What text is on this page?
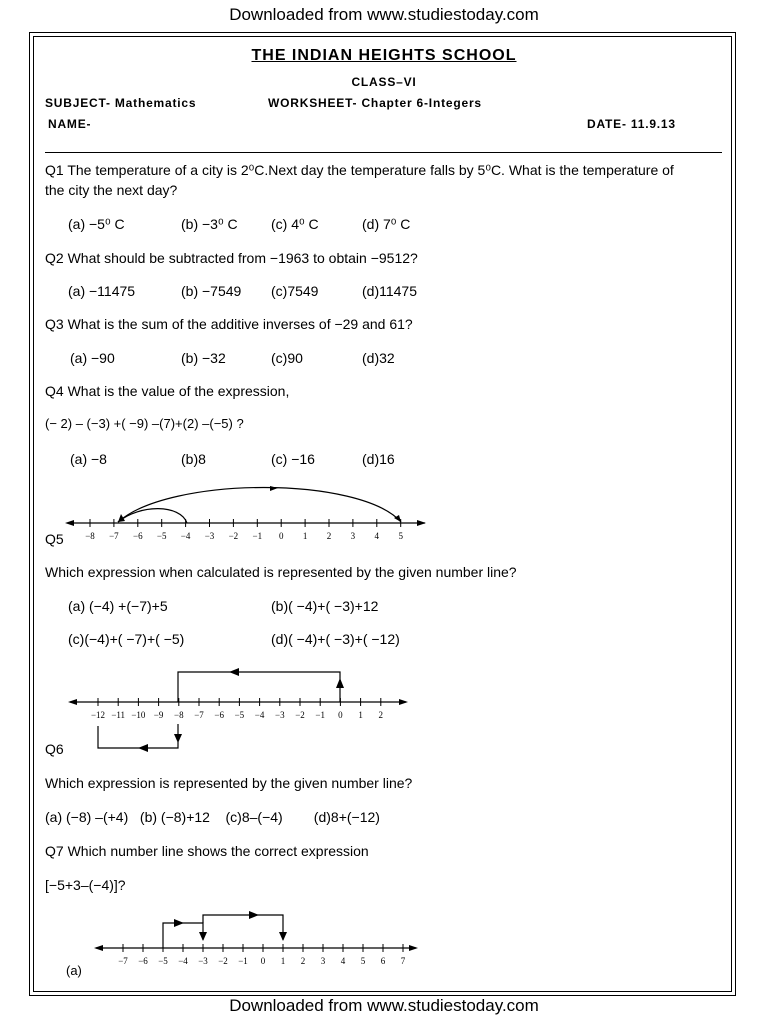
Downloaded from www.studiestoday.com
THE INDIAN HEIGHTS SCHOOL
CLASS–VI
SUBJECT- Mathematics	WORKSHEET- Chapter 6-Integers
NAME-	DATE- 11.9.13
Q1 The temperature of a city is 2⁰C.Next day the temperature falls by 5⁰C. What is the temperature of
the city the next day?
(a) −5⁰ C	(b) −3⁰ C (c) 4⁰ C	(d) 7⁰ C
Q2 What should be subtracted from −1963 to obtain −9512?
(a) −11475	(b) −7549 (c)7549	(d)11475
Q3 What is the sum of the additive inverses of −29 and 61?
(a) −90	(b) −32	(c)90	(d)32
Q4 What is the value of the expression,
(− 2) – (−3) +( −9) –(7)+(2) –(−5) ?
(a) −8	(b)8	(c) −16	(d)16
−8 −7 −6 −5 −4 −3 −2 −1 0 1 2 3 4 5
Q5
Which expression when calculated is represented by the given number line?
(a) (−4) +(−7)+5	(b)( −4)+( −3)+12
(c)(−4)+( −7)+( −5)	(d)( −4)+( −3)+( −12)
−12 −11 −10 −9 −8 −7 −6 −5 −4 −3 −2 −1 0 1 2
Q6
Which expression is represented by the given number line?
(a) (−8) –(+4)   (b) (−8)+12    (c)8–(−4)        (d)8+(−12)
Q7 Which number line shows the correct expression
[−5+3–(−4)]?
−7 −6 −5 −4 −3 −2 −1 0 1 2 3 4 5 6 7
(a)
Downloaded from www.studiestoday.com
